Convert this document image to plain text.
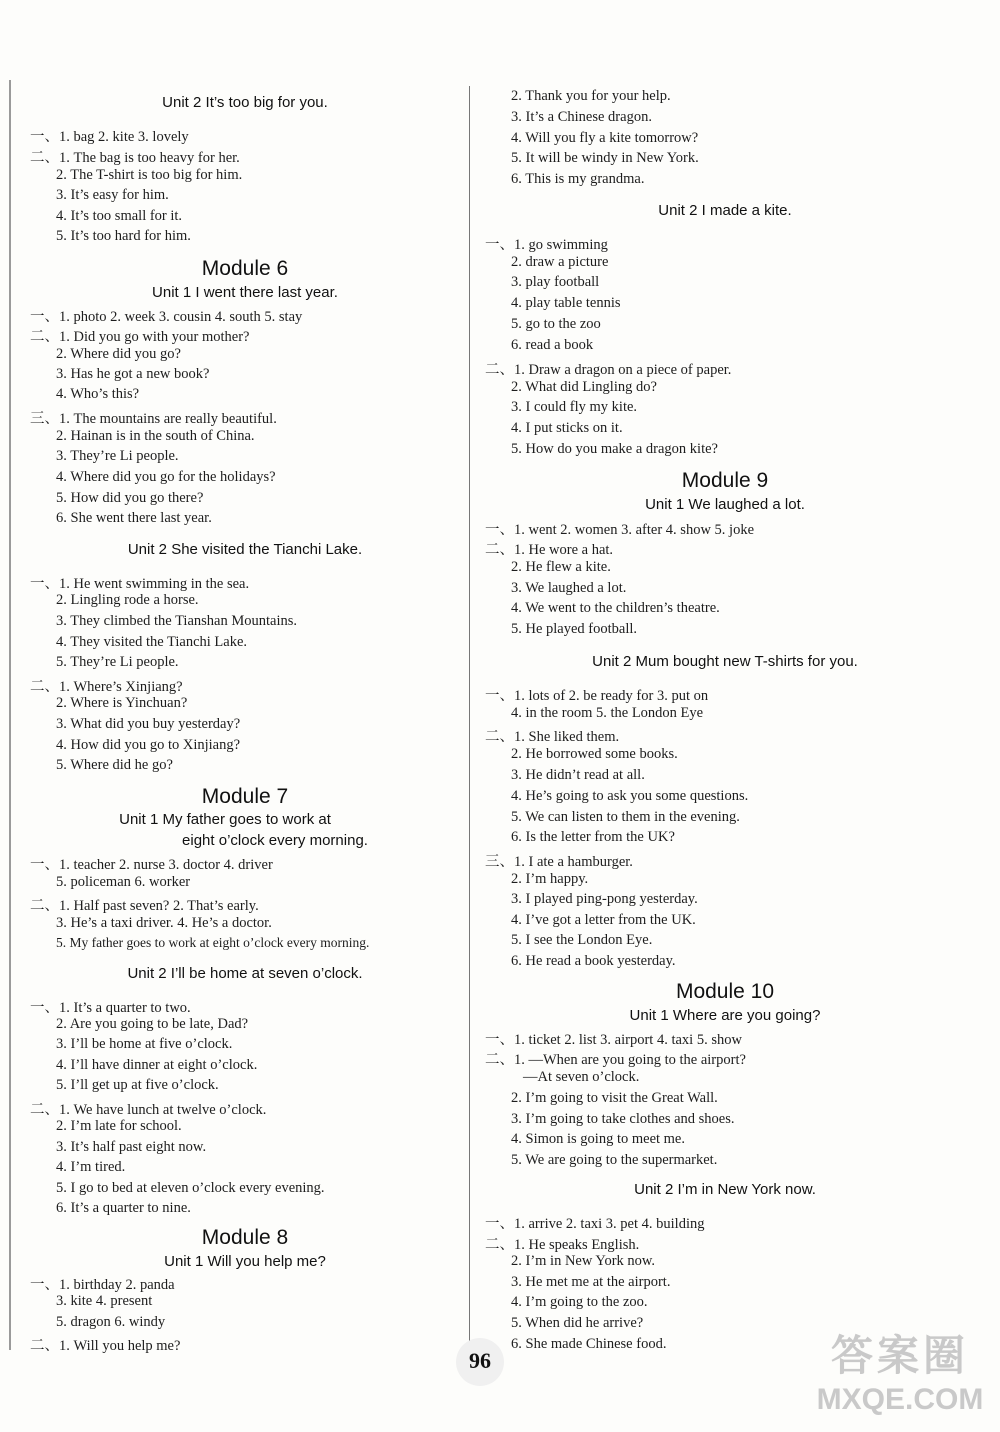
Unit 2 It’s too big for you.
一、1. bag 2. kite 3. lovely
二、1. The bag is too heavy for her.
2. The T-shirt is too big for him.
3. It’s easy for him.
4. It’s too small for it.
5. It’s too hard for him.
Module 6
Unit 1 I went there last year.
一、1. photo 2. week 3. cousin 4. south 5. stay
二、1. Did you go with your mother?
2. Where did you go?
3. Has he got a new book?
4. Who’s this?
三、1. The mountains are really beautiful.
2. Hainan is in the south of China.
3. They’re Li people.
4. Where did you go for the holidays?
5. How did you go there?
6. She went there last year.
Unit 2 She visited the Tianchi Lake.
一、1. He went swimming in the sea.
2. Lingling rode a horse.
3. They climbed the Tianshan Mountains.
4. They visited the Tianchi Lake.
5. They’re Li people.
二、1. Where’s Xinjiang?
2. Where is Yinchuan?
3. What did you buy yesterday?
4. How did you go to Xinjiang?
5. Where did he go?
Module 7
Unit 1 My father goes to work at
eight o’clock every morning.
一、1. teacher 2. nurse 3. doctor 4. driver
5. policeman 6. worker
二、1. Half past seven? 2. That’s early.
3. He’s a taxi driver. 4. He’s a doctor.
5. My father goes to work at eight o’clock every morning.
Unit 2 I’ll be home at seven o’clock.
一、1. It’s a quarter to two.
2. Are you going to be late, Dad?
3. I’ll be home at five o’clock.
4. I’ll have dinner at eight o’clock.
5. I’ll get up at five o’clock.
二、1. We have lunch at twelve o’clock.
2. I’m late for school.
3. It’s half past eight now.
4. I’m tired.
5. I go to bed at eleven o’clock every evening.
6. It’s a quarter to nine.
Module 8
Unit 1 Will you help me?
一、1. birthday 2. panda
3. kite 4. present
5. dragon 6. windy
二、1. Will you help me?
2. Thank you for your help.
3. It’s a Chinese dragon.
4. Will you fly a kite tomorrow?
5. It will be windy in New York.
6. This is my grandma.
Unit 2 I made a kite.
一、1. go swimming
2. draw a picture
3. play football
4. play table tennis
5. go to the zoo
6. read a book
二、1. Draw a dragon on a piece of paper.
2. What did Lingling do?
3. I could fly my kite.
4. I put sticks on it.
5. How do you make a dragon kite?
Module 9
Unit 1 We laughed a lot.
一、1. went 2. women 3. after 4. show 5. joke
二、1. He wore a hat.
2. He flew a kite.
3. We laughed a lot.
4. We went to the children’s theatre.
5. He played football.
Unit 2 Mum bought new T-shirts for you.
一、1. lots of 2. be ready for 3. put on
4. in the room 5. the London Eye
二、1. She liked them.
2. He borrowed some books.
3. He didn’t read at all.
4. He’s going to ask you some questions.
5. We can listen to them in the evening.
6. Is the letter from the UK?
三、1. I ate a hamburger.
2. I’m happy.
3. I played ping-pong yesterday.
4. I’ve got a letter from the UK.
5. I see the London Eye.
6. He read a book yesterday.
Module 10
Unit 1 Where are you going?
一、1. ticket 2. list 3. airport 4. taxi 5. show
二、1. —When are you going to the airport?
—At seven o’clock.
2. I’m going to visit the Great Wall.
3. I’m going to take clothes and shoes.
4. Simon is going to meet me.
5. We are going to the supermarket.
Unit 2 I’m in New York now.
一、1. arrive 2. taxi 3. pet 4. building
二、1. He speaks English.
2. I’m in New York now.
3. He met me at the airport.
4. I’m going to the zoo.
5. When did he arrive?
6. She made Chinese food.
96	答案圈
MXQE.COM
